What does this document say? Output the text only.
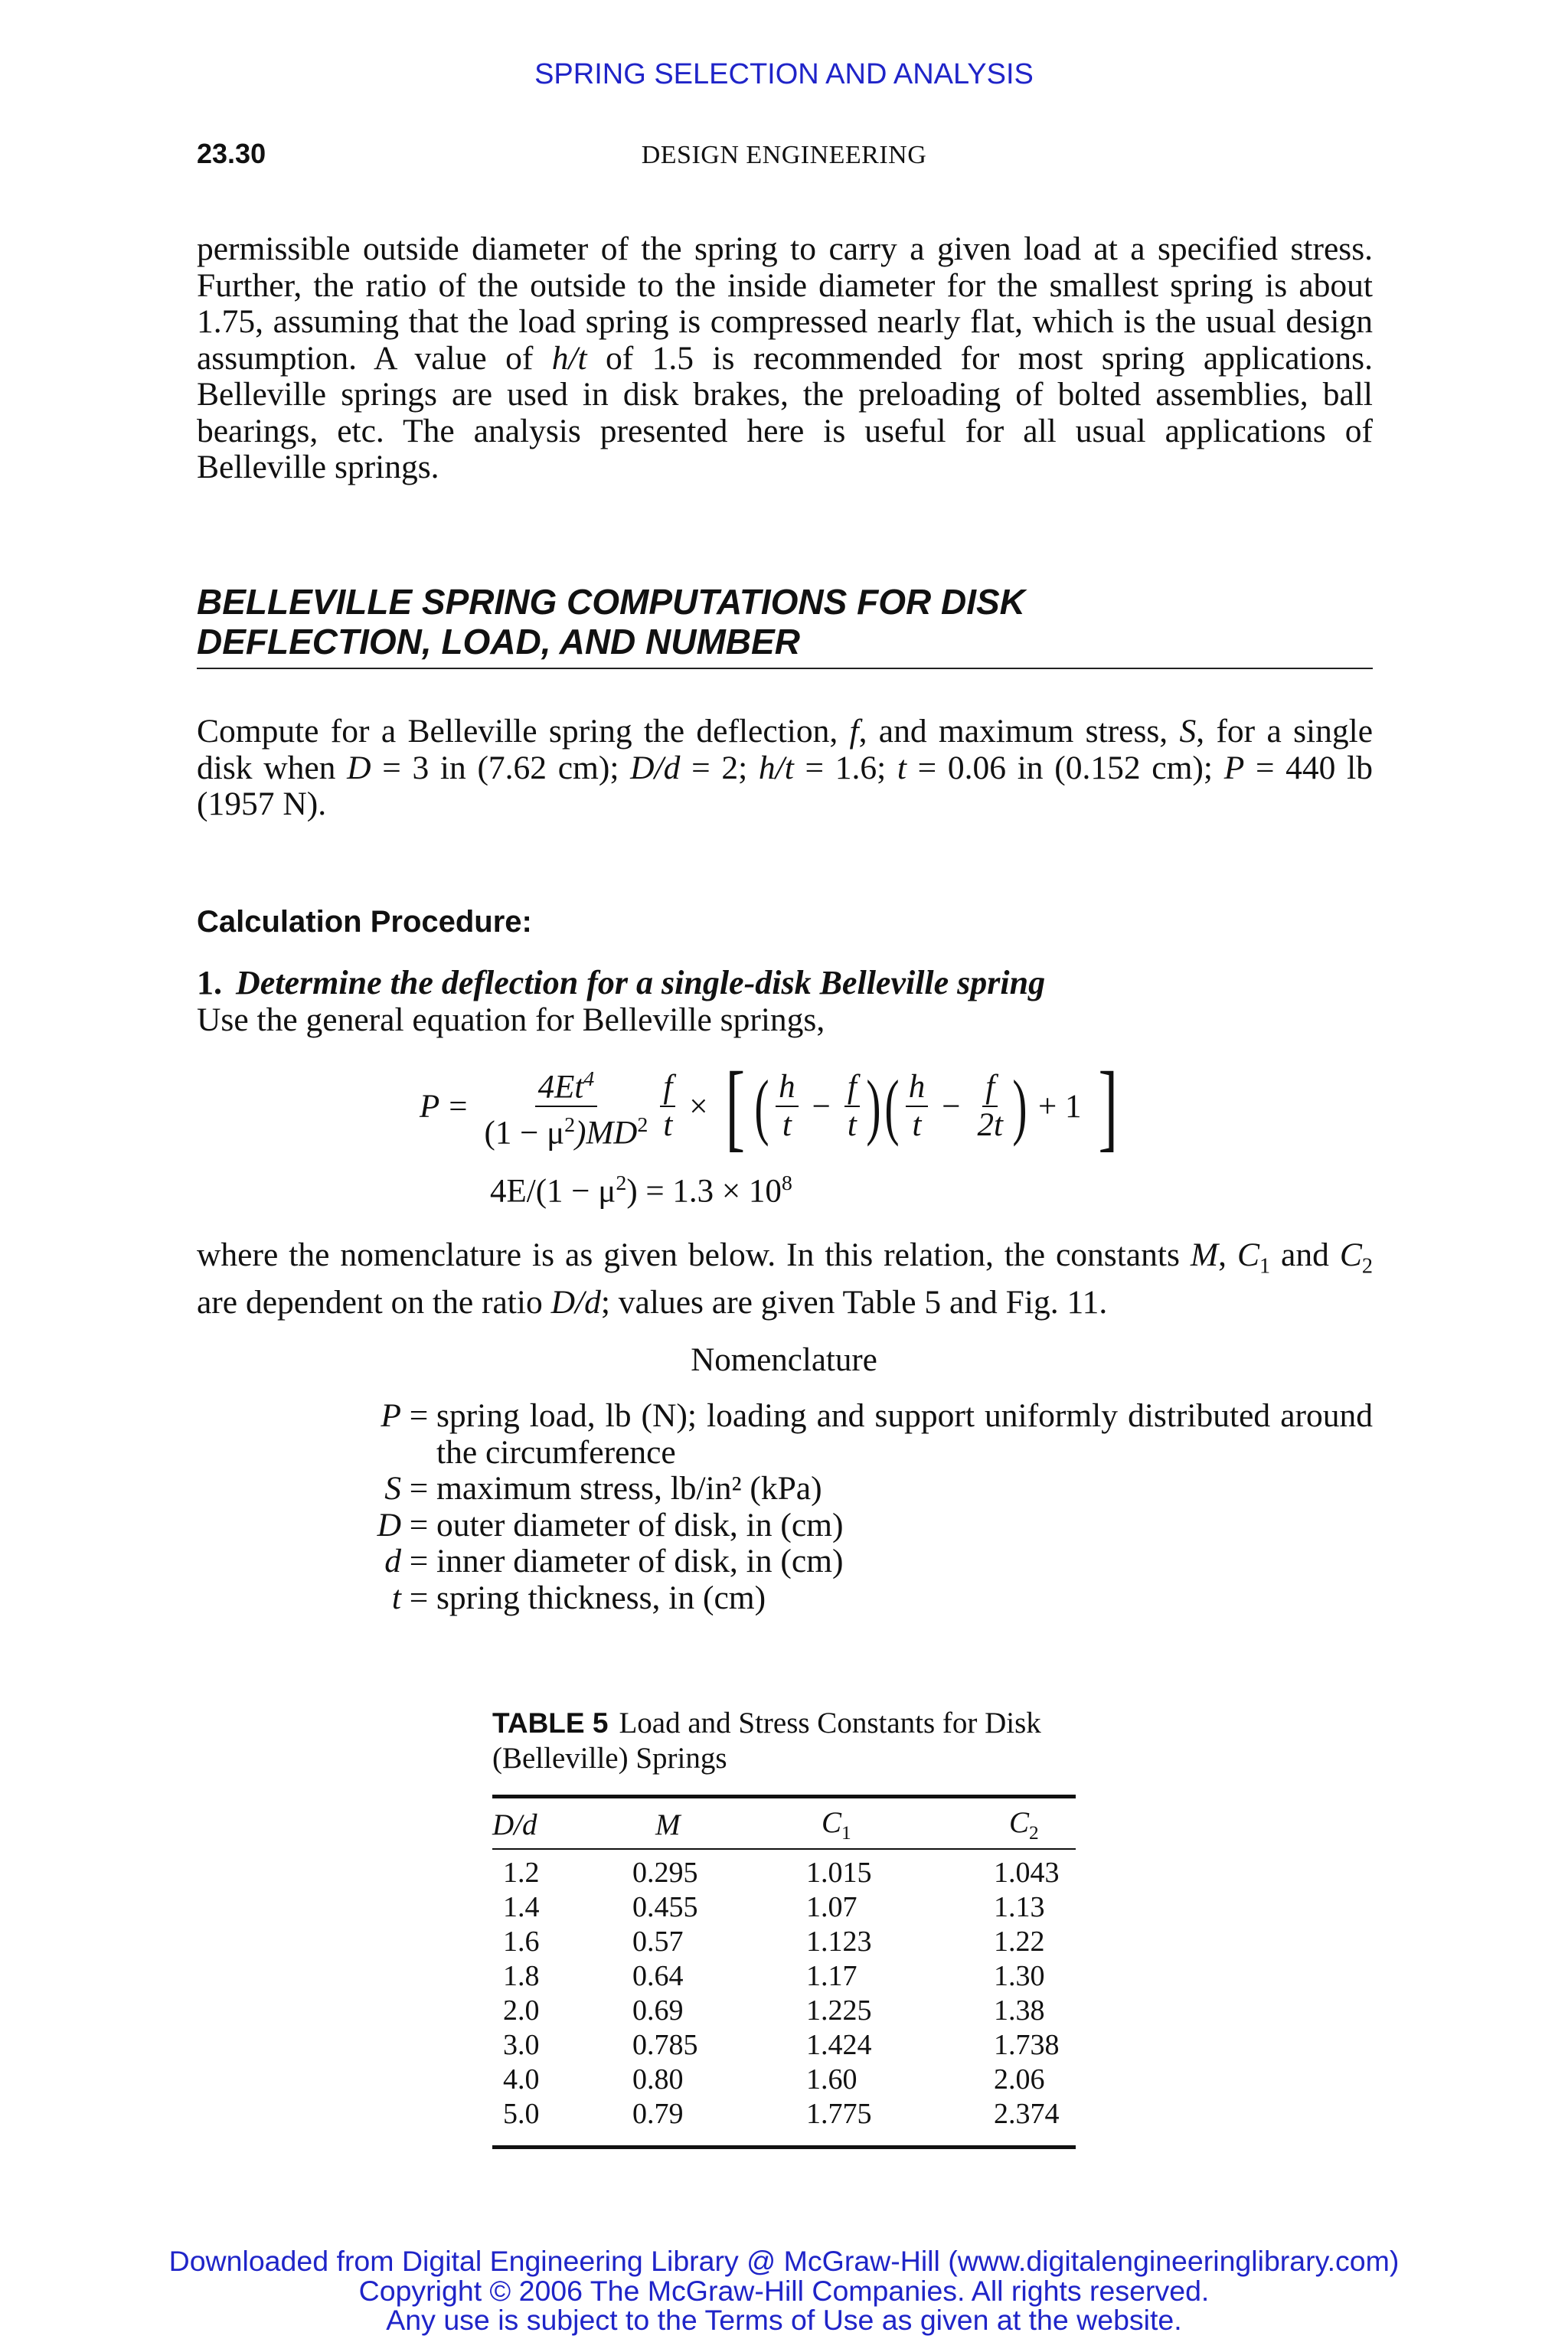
SPRING SELECTION AND ANALYSIS
23.30	DESIGN ENGINEERING
permissible outside diameter of the spring to carry a given load at a specified stress. Further, the ratio of the outside to the inside diameter for the smallest spring is about 1.75, assuming that the load spring is compressed nearly flat, which is the usual design assumption. A value of h/t of 1.5 is recommended for most spring applications. Belleville springs are used in disk brakes, the preloading of bolted assemblies, ball bearings, etc. The analysis presented here is useful for all usual applications of Belleville springs.
BELLEVILLE SPRING COMPUTATIONS FOR DISK
DEFLECTION, LOAD, AND NUMBER
Compute for a Belleville spring the deflection, f, and maximum stress, S, for a single disk when D = 3 in (7.62 cm); D/d = 2; h/t = 1.6; t = 0.06 in (0.152 cm); P = 440 lb (1957 N).
Calculation Procedure:
1. Determine the deflection for a single-disk Belleville spring
Use the general equation for Belleville springs,
$P = \frac{4Et^4}{(1 - \mu^2)MD^2} \frac{f}{t}$ × [ ( $\frac{h}{t} - \frac{f}{t}$ ) ( $\frac{h}{t} - \frac{f}{2t}$ ) + 1 ]
$4E/(1 - \mu^2) = 1.3 \times 10^8$
where the nomenclature is as given below. In this relation, the constants M, $C_1$ and $C_2$ are dependent on the ratio D/d; values are given Table 5 and Fig. 11.
Nomenclature
P = spring load, lb (N); loading and support uniformly distributed around the circumference
S = maximum stress, lb/in² (kPa)
D = outer diameter of disk, in (cm)
d = inner diameter of disk, in (cm)
t = spring thickness, in (cm)
TABLE 5 Load and Stress Constants for Disk (Belleville) Springs
D/d	M	$C_1$	$C_2$
1.2	0.295	1.015	1.043
1.4	0.455	1.07	1.13
1.6	0.57	1.123	1.22
1.8	0.64	1.17	1.30
2.0	0.69	1.225	1.38
3.0	0.785	1.424	1.738
4.0	0.80	1.60	2.06
5.0	0.79	1.775	2.374
Downloaded from Digital Engineering Library @ McGraw-Hill (www.digitalengineeringlibrary.com)
Copyright © 2006 The McGraw-Hill Companies. All rights reserved.
Any use is subject to the Terms of Use as given at the website.
